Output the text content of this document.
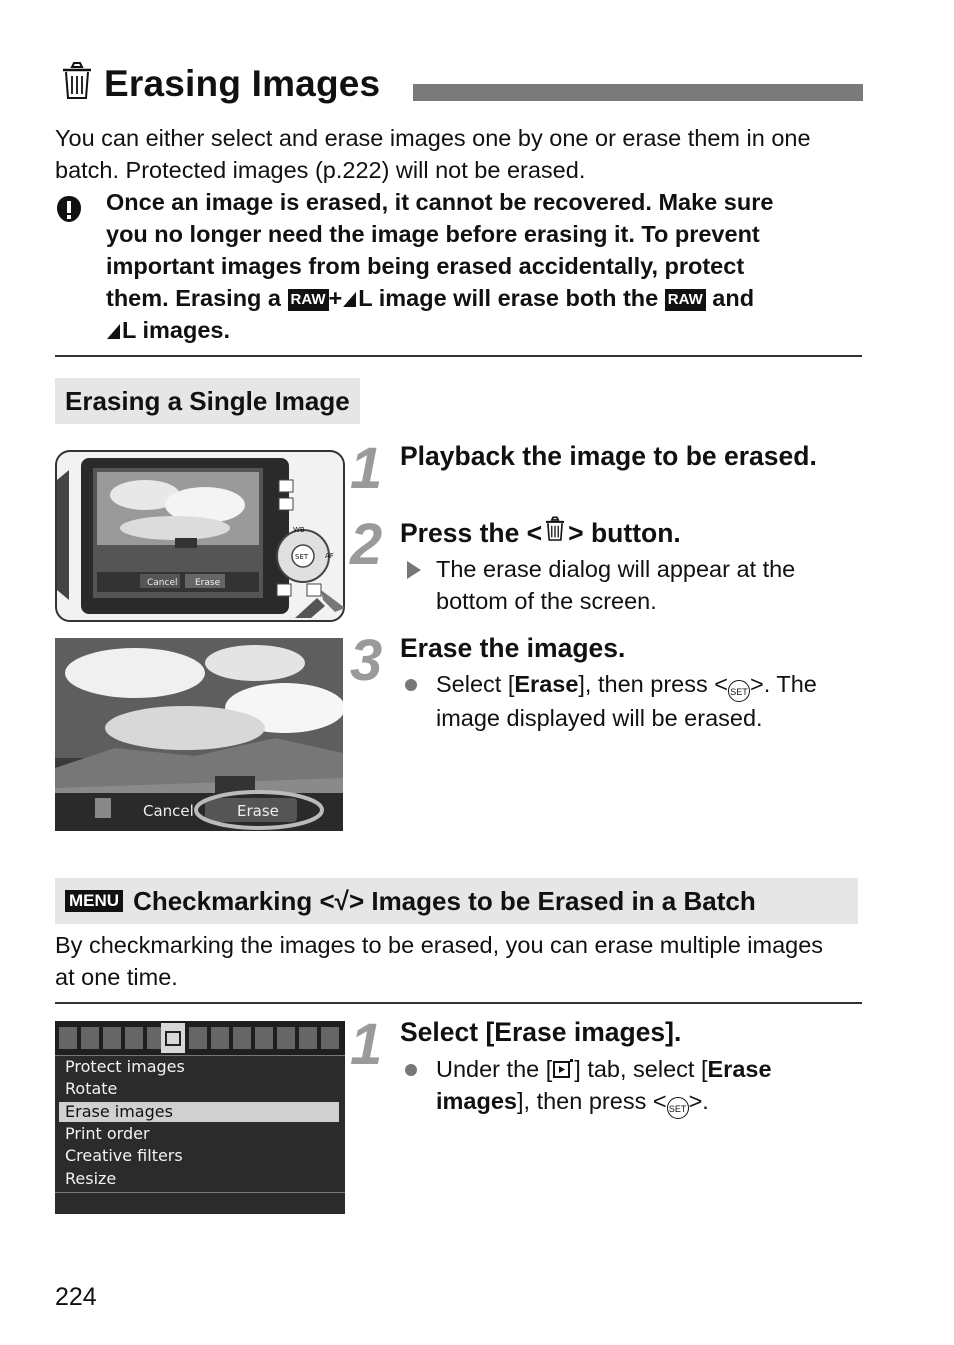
Erasing Images
You can either select and erase images one by one or erase them in one batch. Protected images (p.222) will not be erased.
Once an image is erased, it cannot be recovered. Make sure
you no longer need the image before erasing it. To prevent
important images from being erased accidentally, protect
them. Erasing a RAW + L image will erase both the RAW and
L images.
Erasing a Single Image
Cancel Erase
SET
WB
AF
Cancel	Erase
1 Playback the image to be erased.
2 Press the < > button.
The erase dialog will appear at the bottom of the screen.
3 Erase the images.
Select [Erase], then press < SET>. The image displayed will be erased.
MENU Checkmarking < √ > Images to be Erased in a Batch
By checkmarking the images to be erased, you can erase multiple images at one time.
Protect images
Rotate
Erase images
Print order
Creative filters
Resize
1 Select [Erase images].
Under the [ ] tab, select [Erase images], then press < SET>.
224
